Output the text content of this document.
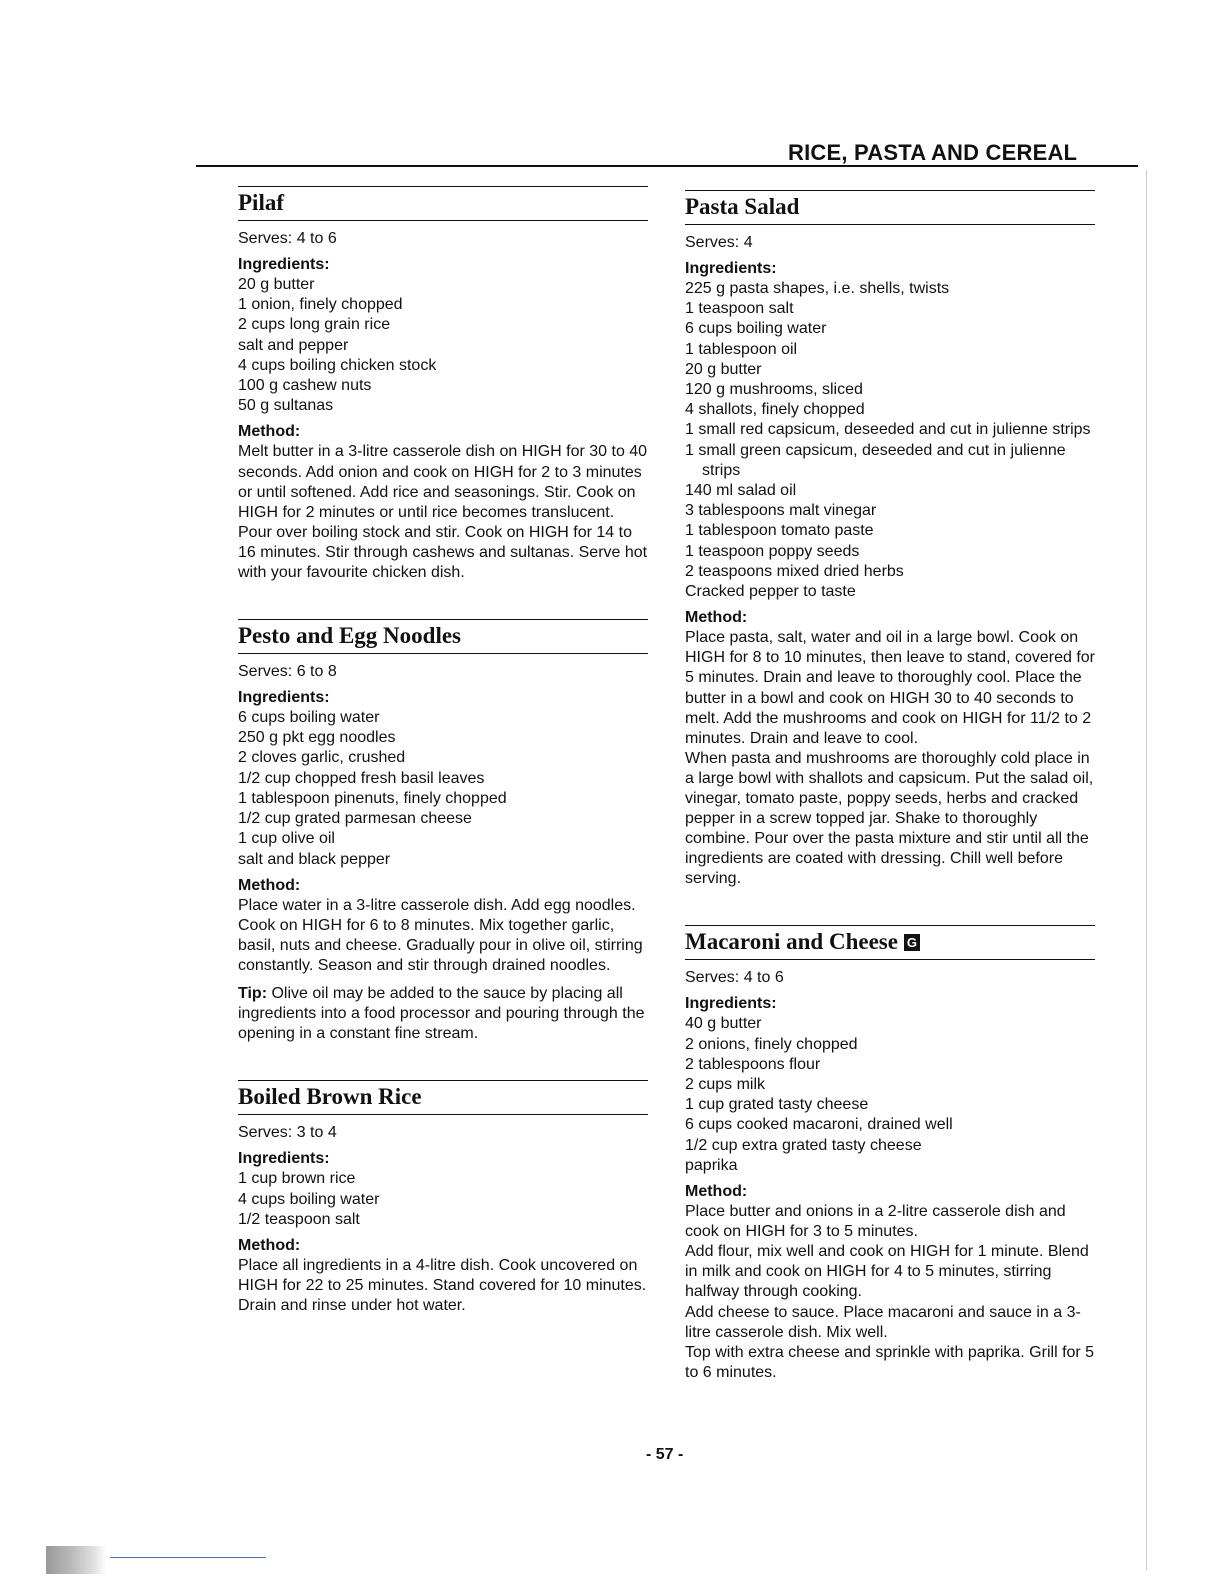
RICE, PASTA AND CEREAL
Pilaf
Serves: 4 to 6
Ingredients:
20 g butter
1 onion, finely chopped
2 cups long grain rice
salt and pepper
4 cups boiling chicken stock
100 g cashew nuts
50 g sultanas
Method:
Melt butter in a 3-litre casserole dish on HIGH for 30 to 40 seconds. Add onion and cook on HIGH for 2 to 3 minutes or until softened. Add rice and seasonings. Stir. Cook on HIGH for 2 minutes or until rice becomes translucent. Pour over boiling stock and stir. Cook on HIGH for 14 to 16 minutes. Stir through cashews and sultanas. Serve hot with your favourite chicken dish.
Pesto and Egg Noodles
Serves: 6 to 8
Ingredients:
6 cups boiling water
250 g pkt egg noodles
2 cloves garlic, crushed
1/2 cup chopped fresh basil leaves
1 tablespoon pinenuts, finely chopped
1/2 cup grated parmesan cheese
1 cup olive oil
salt and black pepper
Method:
Place water in a 3-litre casserole dish. Add egg noodles. Cook on HIGH for 6 to 8 minutes. Mix together garlic, basil, nuts and cheese. Gradually pour in olive oil, stirring constantly. Season and stir through drained noodles.
Tip: Olive oil may be added to the sauce by placing all ingredients into a food processor and pouring through the opening in a constant fine stream.
Boiled Brown Rice
Serves: 3 to 4
Ingredients:
1 cup brown rice
4 cups boiling water
1/2 teaspoon salt
Method:
Place all ingredients in a 4-litre dish. Cook uncovered on HIGH for 22 to 25 minutes. Stand covered for 10 minutes. Drain and rinse under hot water.
Pasta Salad
Serves: 4
Ingredients:
225 g pasta shapes, i.e. shells, twists
1 teaspoon salt
6 cups boiling water
1 tablespoon oil
20 g butter
120 g mushrooms, sliced
4 shallots, finely chopped
1 small red capsicum, deseeded and cut in julienne strips
1 small green capsicum, deseeded and cut in julienne strips
140 ml salad oil
3 tablespoons malt vinegar
1 tablespoon tomato paste
1 teaspoon poppy seeds
2 teaspoons mixed dried herbs
Cracked pepper to taste
Method:
Place pasta, salt, water and oil in a large bowl. Cook on HIGH for 8 to 10 minutes, then leave to stand, covered for 5 minutes. Drain and leave to thoroughly cool. Place the butter in a bowl and cook on HIGH 30 to 40 seconds to melt. Add the mushrooms and cook on HIGH for 11/2 to 2 minutes. Drain and leave to cool.
When pasta and mushrooms are thoroughly cold place in a large bowl with shallots and capsicum. Put the salad oil, vinegar, tomato paste, poppy seeds, herbs and cracked pepper in a screw topped jar. Shake to thoroughly combine. Pour over the pasta mixture and stir until all the ingredients are coated with dressing. Chill well before serving.
Macaroni and Cheese G
Serves: 4 to 6
Ingredients:
40 g butter
2 onions, finely chopped
2 tablespoons flour
2 cups milk
1 cup grated tasty cheese
6 cups cooked macaroni, drained well
1/2 cup extra grated tasty cheese
paprika
Method:
Place butter and onions in a 2-litre casserole dish and cook on HIGH for 3 to 5 minutes.
Add flour, mix well and cook on HIGH for 1 minute. Blend in milk and cook on HIGH for 4 to 5 minutes, stirring halfway through cooking.
Add cheese to sauce. Place macaroni and sauce in a 3-litre casserole dish. Mix well.
Top with extra cheese and sprinkle with paprika. Grill for 5 to 6 minutes.
- 57 -
